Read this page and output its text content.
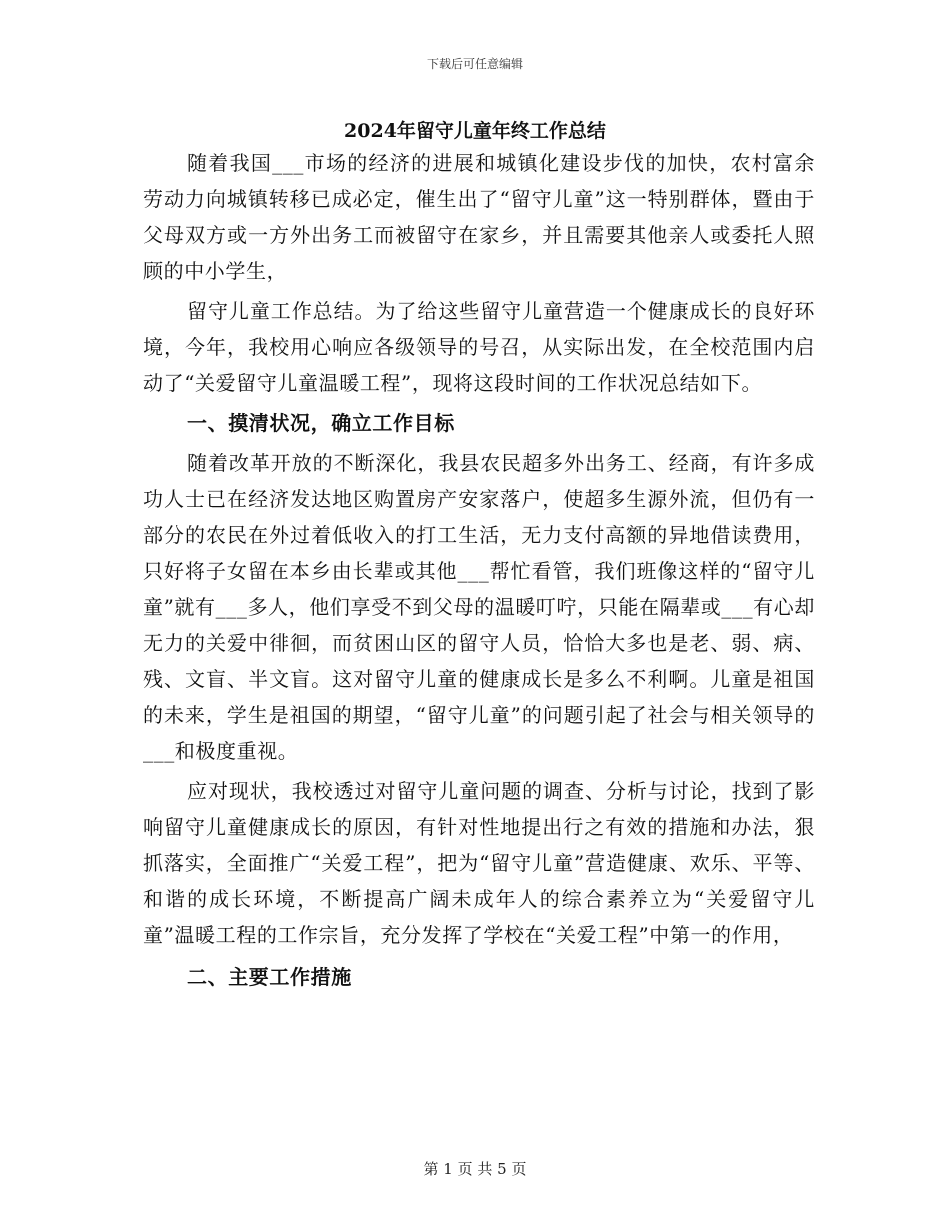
下载后可任意编辑
2024年留守儿童年终工作总结

随着我国___市场的经济的进展和城镇化建设步伐的加快，农村富余劳动力向城镇转移已成必定，催生出了“留守儿童”这一特别群体，暨由于父母双方或一方外出务工而被留守在家乡，并且需要其他亲人或委托人照顾的中小学生，

留守儿童工作总结。为了给这些留守儿童营造一个健康成长的良好环境，今年，我校用心响应各级领导的号召，从实际出发，在全校范围内启动了“关爱留守儿童温暖工程”，现将这段时间的工作状况总结如下。

一、摸清状况，确立工作目标

随着改革开放的不断深化，我县农民超多外出务工、经商，有许多成功人士已在经济发达地区购置房产安家落户，使超多生源外流，但仍有一部分的农民在外过着低收入的打工生活，无力支付高额的异地借读费用，只好将子女留在本乡由长辈或其他___帮忙看管，我们班像这样的“留守儿童”就有___多人，他们享受不到父母的温暖叮咛，只能在隔辈或___有心却无力的关爱中徘徊，而贫困山区的留守人员，恰恰大多也是老、弱、病、残、文盲、半文盲。这对留守儿童的健康成长是多么不利啊。儿童是祖国的未来，学生是祖国的期望，“留守儿童”的问题引起了社会与相关领导的___和极度重视。

应对现状，我校透过对留守儿童问题的调查、分析与讨论，找到了影响留守儿童健康成长的原因，有针对性地提出行之有效的措施和办法，狠抓落实，全面推广“关爱工程”，把为“留守儿童”营造健康、欢乐、平等、和谐的成长环境，不断提高广阔未成年人的综合素养立为“关爱留守儿童”温暖工程的工作宗旨，充分发挥了学校在“关爱工程”中第一的作用，

二、主要工作措施

第 1 页 共 5 页
